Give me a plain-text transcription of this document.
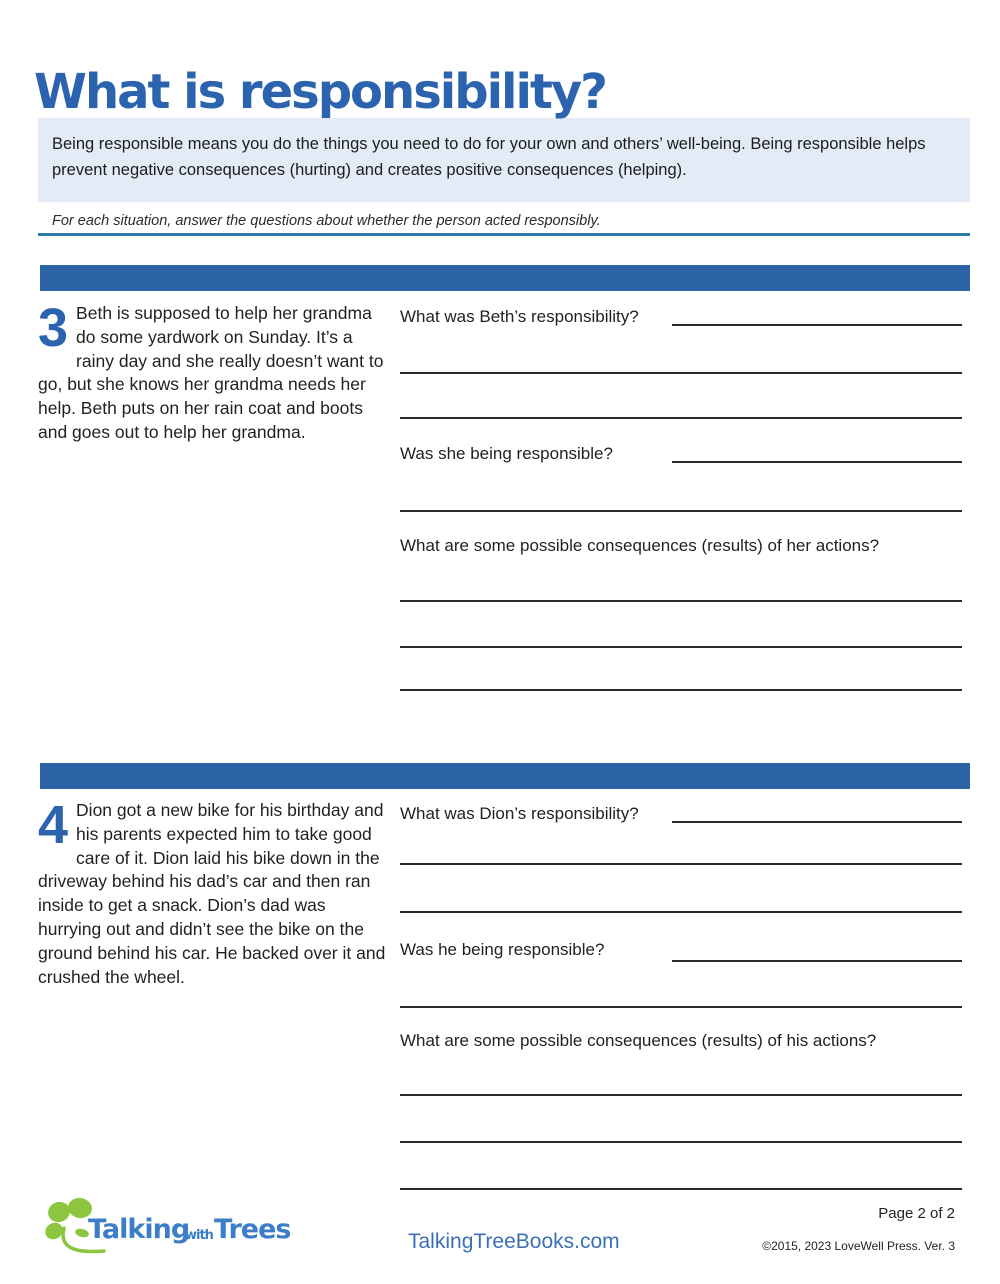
What is responsibility?
Being responsible means you do the things you need to do for your own and others’ well-being. Being responsible helps prevent negative consequences (hurting) and creates positive consequences (helping).
For each situation, answer the questions about whether the person acted responsibly.

3 Beth is supposed to help her grandma do some yardwork on Sunday. It’s a rainy day and she really doesn’t want to go, but she knows her grandma needs her help. Beth puts on her rain coat and boots and goes out to help her grandma.

What was Beth’s responsibility?
Was she being responsible?
What are some possible consequences (results) of her actions?

4 Dion got a new bike for his birthday and his parents expected him to take good care of it. Dion laid his bike down in the driveway behind his dad’s car and then ran inside to get a snack. Dion’s dad was hurrying out and didn’t see the bike on the ground behind his car. He backed over it and crushed the wheel.

What was Dion’s responsibility?
Was he being responsible?
What are some possible consequences (results) of his actions?
Talking
with Trees	TalkingTreeBooks.com
Page 2 of 2
©2015, 2023 LoveWell Press. Ver. 3
